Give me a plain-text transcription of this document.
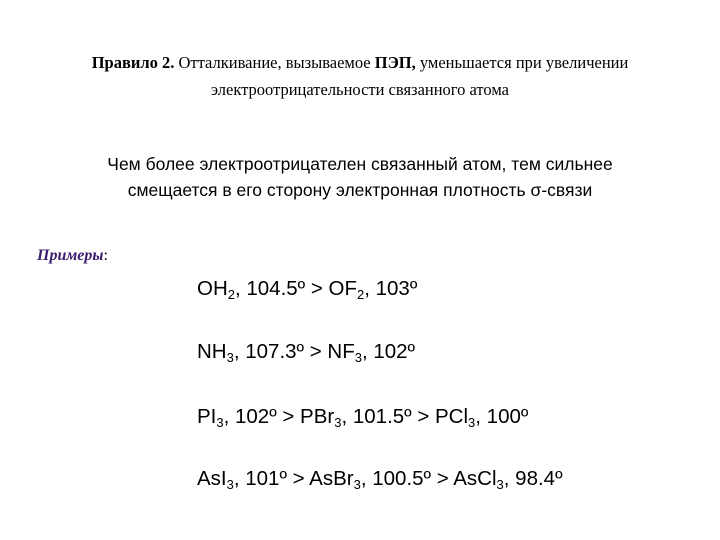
Правило 2. Отталкивание, вызываемое ПЭП, уменьшается при увеличении
электроотрицательности связанного атома
Чем более электроотрицателен связанный атом, тем сильнее
смещается в его сторону электронная плотность σ-связи
Примеры:
$OH_2$, 104.5º > $OF_2$, 103º
$NH_3$, 107.3º > $NF_3$, 102º
$PI_3$, 102º > PBr$_3$, 101.5º > PCl$_3$, 100º
AsI$_3$, 101º > AsBr$_3$, 100.5º > AsCl$_3$, 98.4º
